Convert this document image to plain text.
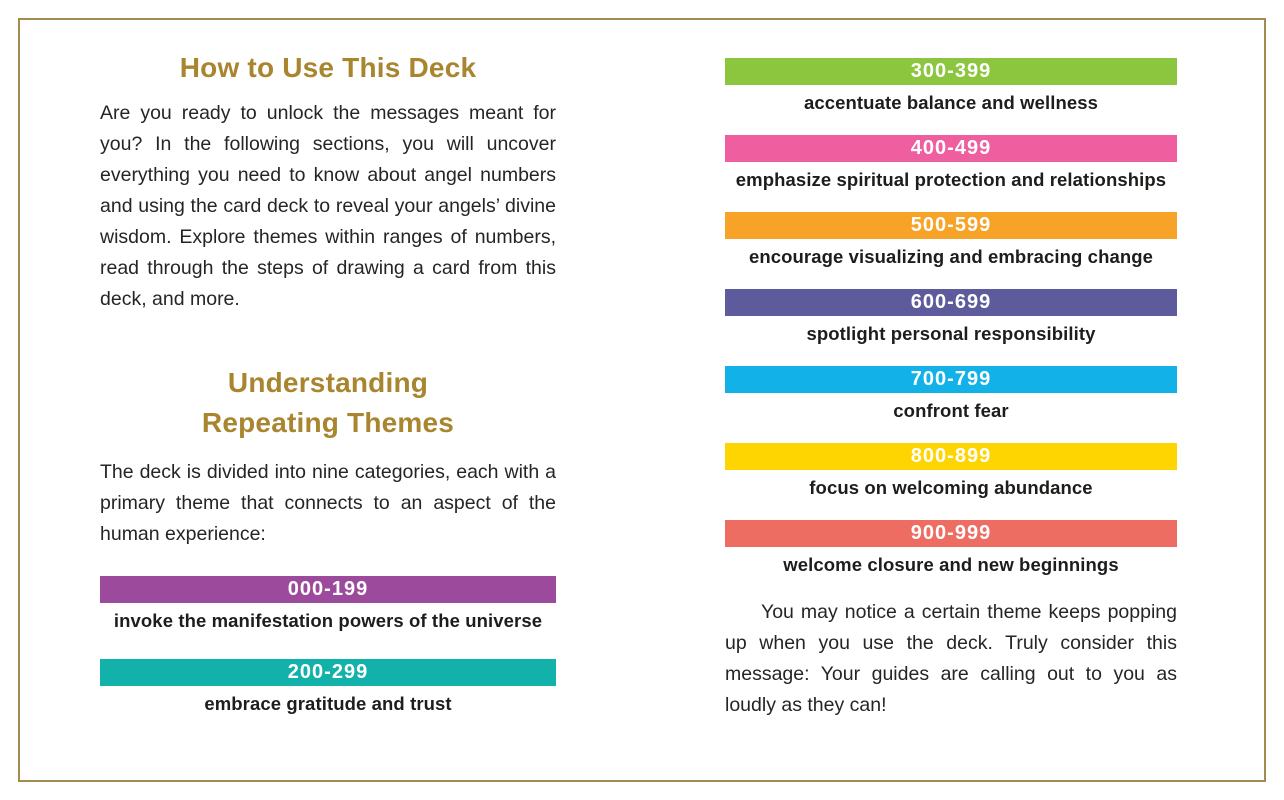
How to Use This Deck

Are you ready to unlock the messages meant for you? In the following sections, you will uncover everything you need to know about angel numbers and using the card deck to reveal your angels’ divine wisdom. Explore themes within ranges of numbers, read through the steps of drawing a card from this deck, and more.

Understanding
Repeating Themes

The deck is divided into nine categories, each with a primary theme that connects to an aspect of the human experience:

000-199
invoke the manifestation powers of the universe
200-299
embrace gratitude and trust
300-399
accentuate balance and wellness
400-499
emphasize spiritual protection and relationships
500-599
encourage visualizing and embracing change
600-699
spotlight personal responsibility
700-799
confront fear
800-899
focus on welcoming abundance
900-999
welcome closure and new beginnings

You may notice a certain theme keeps popping up when you use the deck. Truly consider this message: Your guides are calling out to you as loudly as they can!
